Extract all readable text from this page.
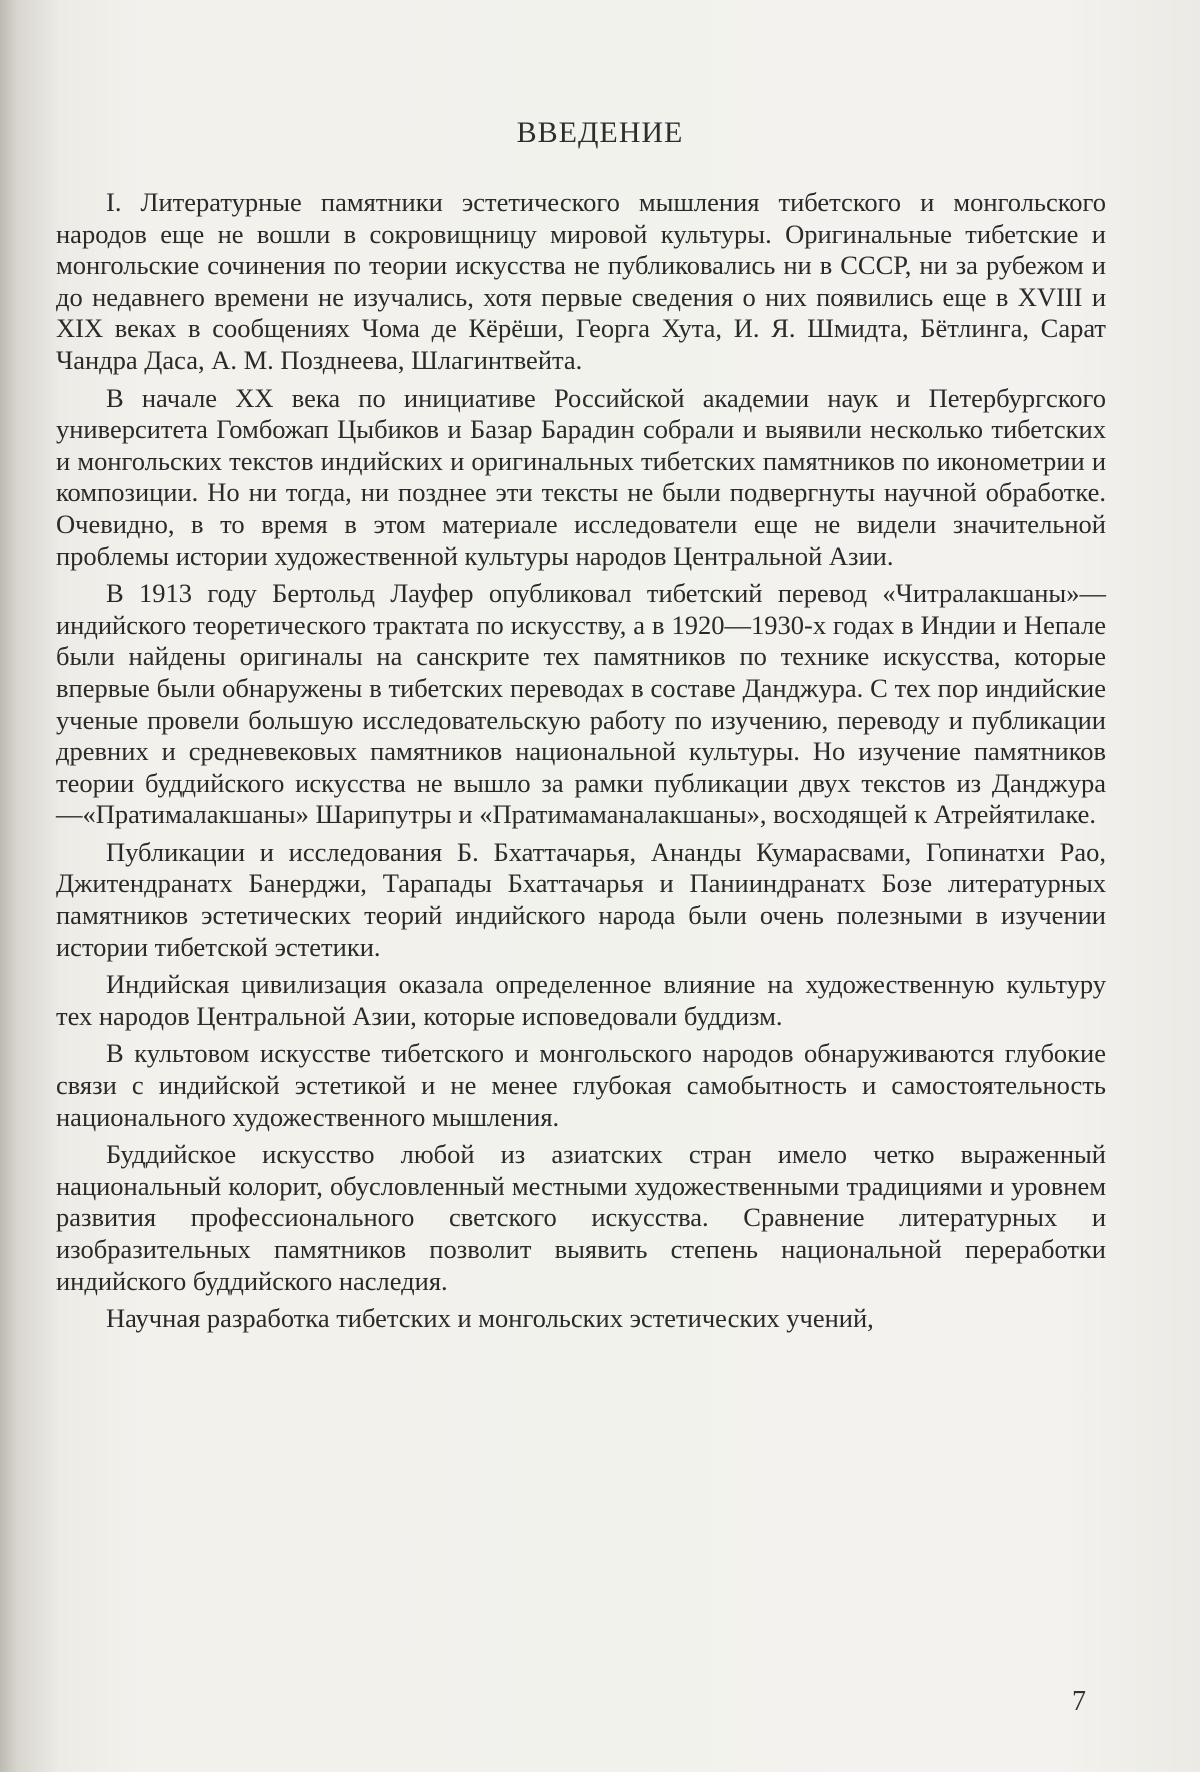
ВВЕДЕНИЕ

I. Литературные памятники эстетического мышления тибетского и монгольского народов еще не вошли в сокровищницу мировой культуры. Оригинальные тибетские и монгольские сочинения по теории искусства не публиковались ни в СССР, ни за рубежом и до недавнего времени не изучались, хотя первые сведения о них появились еще в XVIII и XIX веках в сообщениях Чома де Кёрёши, Георга Хута, И. Я. Шмидта, Бётлинга, Сарат Чандра Даса, А. М. Позднеева, Шлагинтвейта.

В начале XX века по инициативе Российской академии наук и Петербургского университета Гомбожап Цыбиков и Базар Барадин собрали и выявили несколько тибетских и монгольских текстов индийских и оригинальных тибетских памятников по иконометрии и композиции. Но ни тогда, ни позднее эти тексты не были подвергнуты научной обработке. Очевидно, в то время в этом материале исследователи еще не видели значительной проблемы истории художественной культуры народов Центральной Азии.

В 1913 году Бертольд Лауфер опубликовал тибетский перевод «Читралакшаны»— индийского теоретического трактата по искусству, а в 1920—1930-х годах в Индии и Непале были найдены оригиналы на санскрите тех памятников по технике искусства, которые впервые были обнаружены в тибетских переводах в составе Данджура. С тех пор индийские ученые провели большую исследовательскую работу по изучению, переводу и публикации древних и средневековых памятников национальной культуры. Но изучение памятников теории буддийского искусства не вышло за рамки публикации двух текстов из Данджура —«Пратималакшаны» Шарипутры и «Пратимаманалакшаны», восходящей к Атрейятилаке.

Публикации и исследования Б. Бхаттачарья, Ананды Кумарасвами, Гопинатхи Рао, Джитендранатх Банерджи, Тарапады Бхаттачарья и Панииндранатх Бозе литературных памятников эстетических теорий индийского народа были очень полезными в изучении истории тибетской эстетики.

Индийская цивилизация оказала определенное влияние на художественную культуру тех народов Центральной Азии, которые исповедовали буддизм.

В культовом искусстве тибетского и монгольского народов обнаруживаются глубокие связи с индийской эстетикой и не менее глубокая самобытность и самостоятельность национального художественного мышления.

Буддийское искусство любой из азиатских стран имело четко выраженный национальный колорит, обусловленный местными художественными традициями и уровнем развития профессионального светского искусства. Сравнение литературных и изобразительных памятников позволит выявить степень национальной переработки индийского буддийского наследия.

Научная разработка тибетских и монгольских эстетических учений,

7
